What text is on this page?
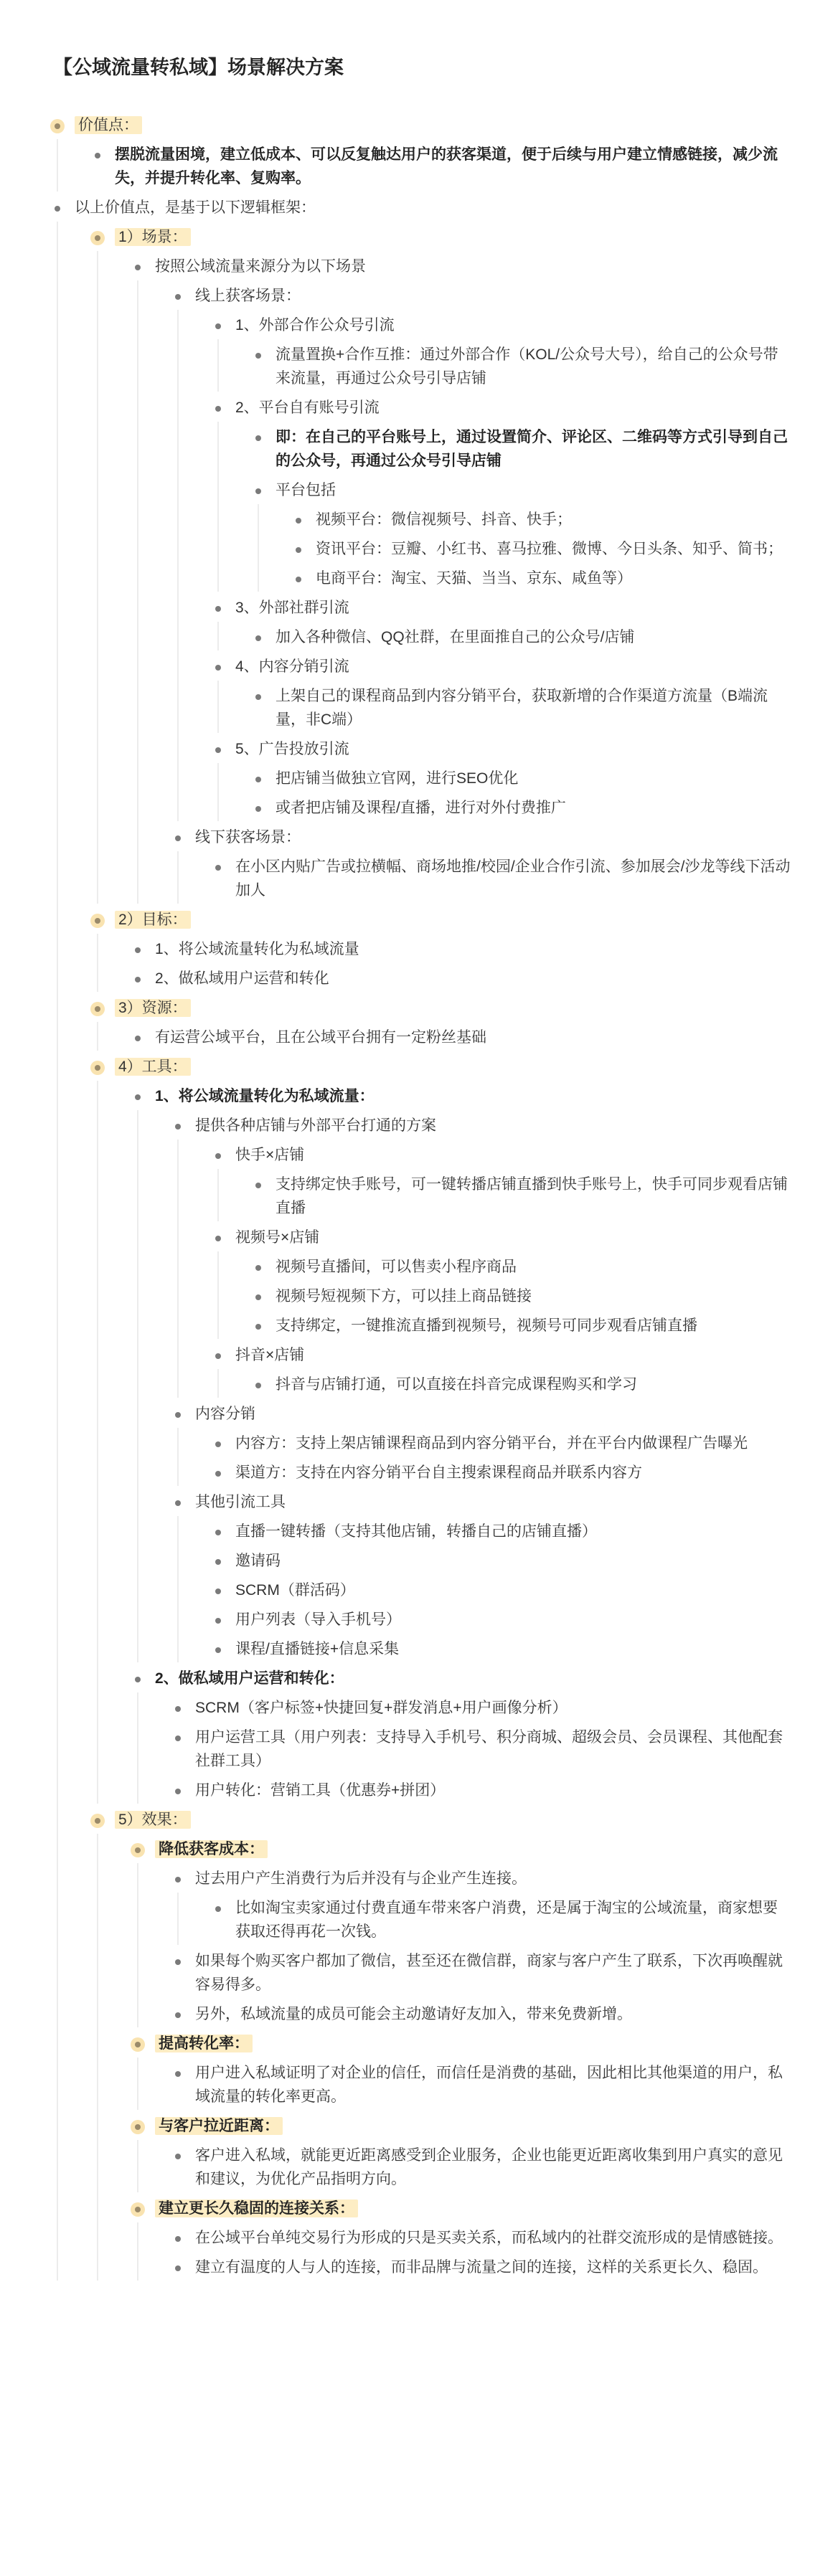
【公域流量转私域】场景解决方案
价值点：
摆脱流量困境，建立低成本、可以反复触达用户的获客渠道，便于后续与用户建立情感链接，减少流失，并提升转化率、复购率。
以上价值点，是基于以下逻辑框架：
1）场景：
按照公域流量来源分为以下场景
线上获客场景：
1、外部合作公众号引流
流量置换+合作互推：通过外部合作（KOL/公众号大号），给自己的公众号带来流量，再通过公众号引导店铺
2、平台自有账号引流
即：在自己的平台账号上，通过设置简介、评论区、二维码等方式引导到自己的公众号，再通过公众号引导店铺
平台包括
视频平台：微信视频号、抖音、快手；
资讯平台：豆瓣、小红书、喜马拉雅、微博、今日头条、知乎、简书；
电商平台：淘宝、天猫、当当、京东、咸鱼等）
3、外部社群引流
加入各种微信、QQ社群，在里面推自己的公众号/店铺
4、内容分销引流
上架自己的课程商品到内容分销平台，获取新增的合作渠道方流量（B端流量，非C端）
5、广告投放引流
把店铺当做独立官网，进行SEO优化
或者把店铺及课程/直播，进行对外付费推广
线下获客场景：
在小区内贴广告或拉横幅、商场地推/校园/企业合作引流、参加展会/沙龙等线下活动加人
2）目标：
1、将公域流量转化为私域流量
2、做私域用户运营和转化
3）资源：
有运营公域平台，且在公域平台拥有一定粉丝基础
4）工具：
1、将公域流量转化为私域流量：
提供各种店铺与外部平台打通的方案
快手×店铺
支持绑定快手账号，可一键转播店铺直播到快手账号上，快手可同步观看店铺直播
视频号×店铺
视频号直播间，可以售卖小程序商品
视频号短视频下方，可以挂上商品链接
支持绑定，一键推流直播到视频号，视频号可同步观看店铺直播
抖音×店铺
抖音与店铺打通，可以直接在抖音完成课程购买和学习
内容分销
内容方：支持上架店铺课程商品到内容分销平台，并在平台内做课程广告曝光
渠道方：支持在内容分销平台自主搜索课程商品并联系内容方
其他引流工具
直播一键转播（支持其他店铺，转播自己的店铺直播）
邀请码
SCRM（群活码）
用户列表（导入手机号）
课程/直播链接+信息采集
2、做私域用户运营和转化：
SCRM（客户标签+快捷回复+群发消息+用户画像分析）
用户运营工具（用户列表：支持导入手机号、积分商城、超级会员、会员课程、其他配套社群工具）
用户转化：营销工具（优惠券+拼团）
5）效果：
降低获客成本：
过去用户产生消费行为后并没有与企业产生连接。
比如淘宝卖家通过付费直通车带来客户消费，还是属于淘宝的公域流量，商家想要获取还得再花一次钱。
如果每个购买客户都加了微信，甚至还在微信群，商家与客户产生了联系，下次再唤醒就容易得多。
另外，私域流量的成员可能会主动邀请好友加入，带来免费新增。
提高转化率：
用户进入私域证明了对企业的信任，而信任是消费的基础，因此相比其他渠道的用户，私域流量的转化率更高。
与客户拉近距离：
客户进入私域，就能更近距离感受到企业服务，企业也能更近距离收集到用户真实的意见和建议，为优化产品指明方向。
建立更长久稳固的连接关系：
在公域平台单纯交易行为形成的只是买卖关系，而私域内的社群交流形成的是情感链接。
建立有温度的人与人的连接，而非品牌与流量之间的连接，这样的关系更长久、稳固。
